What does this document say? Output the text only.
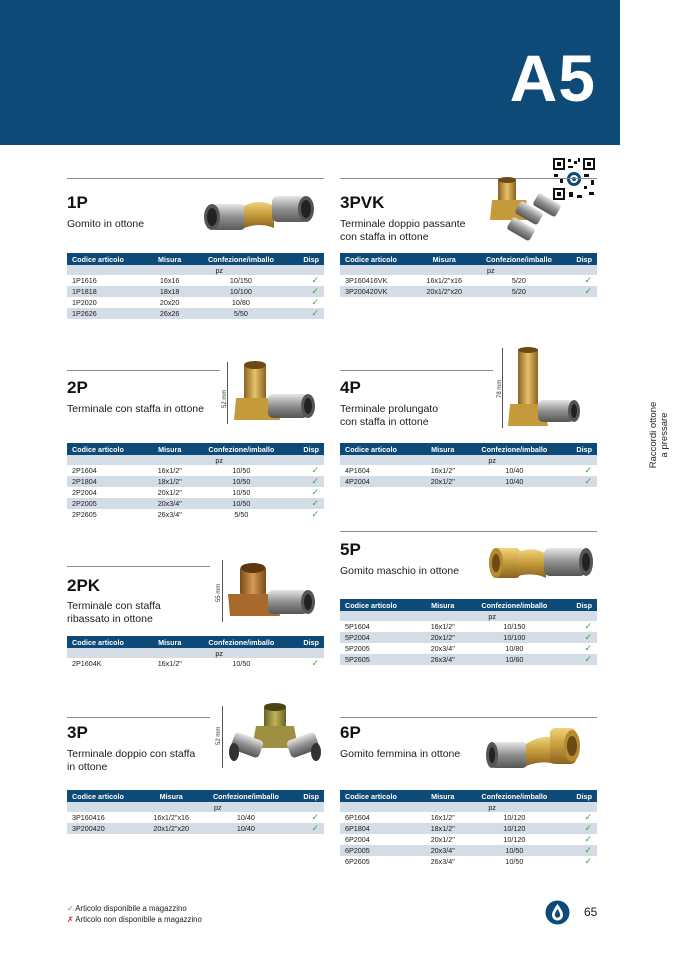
A5
Raccordi ottone a pressare
1P
Gomito in ottone
Codice articolo	Misura	Confezione/imballo	Disp
	pz		
1P1616	16x16	10/150	✓
1P1818	18x18	10/100	✓
1P2020	20x20	10/80	✓
1P2626	26x26	5/50	✓
3PVK
Terminale doppio passante
con staffa in ottone
Codice articolo	Misura	Confezione/imballo	Disp
	pz		
3P160416VK	16x1/2"x16	5/20	✓
3P200420VK	20x1/2"x20	5/20	✓
2P
Terminale con staffa in ottone
52 mm
Codice articolo	Misura	Confezione/imballo	Disp
	pz		
2P1604	16x1/2"	10/50	✓
2P1804	18x1/2"	10/50	✓
2P2004	20x1/2"	10/50	✓
2P2005	20x3/4"	10/50	✓
2P2605	26x3/4"	5/50	✓
4P
Terminale prolungato
con staffa in ottone
78 mm
Codice articolo	Misura	Confezione/imballo	Disp
	pz		
4P1604	16x1/2"	10/40	✓
4P2004	20x1/2"	10/40	✓
5P
Gomito maschio in ottone
Codice articolo	Misura	Confezione/imballo	Disp
	pz		
5P1604	16x1/2"	10/150	✓
5P2004	20x1/2"	10/100	✓
5P2005	20x3/4"	10/80	✓
5P2605	26x3/4"	10/60	✓
2PK
Terminale con staffa
ribassato in ottone
55 mm
Codice articolo	Misura	Confezione/imballo	Disp
	pz		
2P1604K	16x1/2"	10/50	✓
3P
Terminale doppio con staffa
in ottone
52 mm
Codice articolo	Misura	Confezione/imballo	Disp
	pz		
3P160416	16x1/2"x16	10/40	✓
3P200420	20x1/2"x20	10/40	✓
6P
Gomito femmina in ottone
Codice articolo	Misura	Confezione/imballo	Disp
	pz		
6P1604	16x1/2"	10/120	✓
6P1804	18x1/2"	10/120	✓
6P2004	20x1/2"	10/120	✓
6P2005	20x3/4"	10/50	✓
6P2605	26x3/4"	10/50	✓
✓ Articolo disponibile a magazzino
✗ Articolo non disponibile a magazzino
65
